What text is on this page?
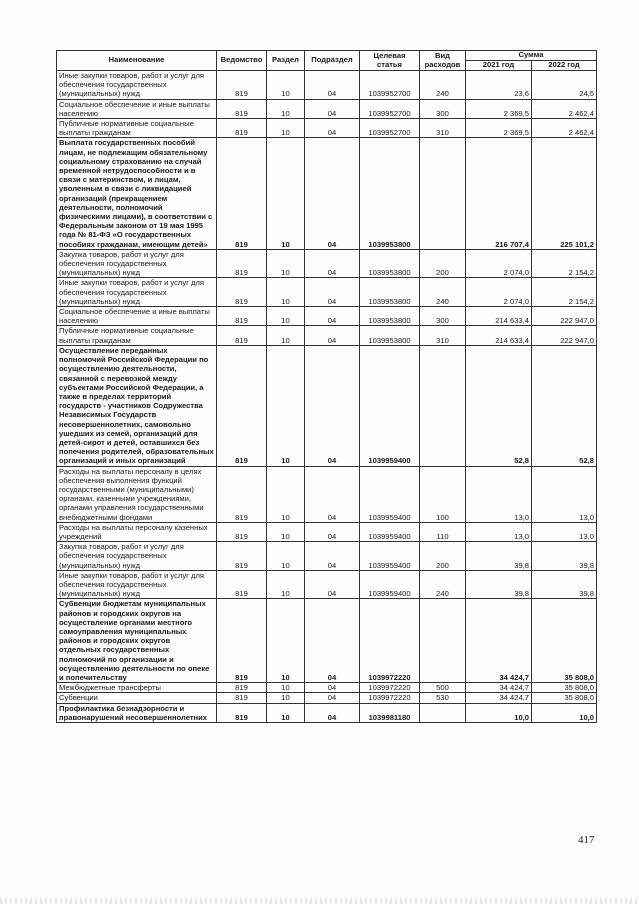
Наименование	Ведомство	Раздел	Подраздел	Целевая статья	Вид расходов	Сумма	
						2021 год	2022 год
Иные закупки товаров, работ и услуг для обеспечения государственных (муниципальных) нужд	819	10	04	1039952700	240	23,6	24,5
Социальное обеспечение и иные выплаты населению	819	10	04	1039952700	300	2 369,5	2 462,4
Публичные нормативные социальные выплаты гражданам	819	10	04	1039952700	310	2 369,5	2 462,4
Выплата государственных пособий лицам, не подлежащим обязательному социальному страхованию на случай временной нетрудоспособности и в связи с материнством, и лицам, уволенным в связи с ликвидацией организаций (прекращением деятельности, полномочий физическими лицами), в соответствии с Федеральным законом от 19 мая 1995 года № 81-ФЗ «О государственных пособиях гражданам, имеющим детей»	819	10	04	1039953800		216 707,4	225 101,2
Закупка товаров, работ и услуг для обеспечения государственных (муниципальных) нужд	819	10	04	1039953800	200	2 074,0	2 154,2
Иные закупки товаров, работ и услуг для обеспечения государственных (муниципальных) нужд	819	10	04	1039953800	240	2 074,0	2 154,2
Социальное обеспечение и иные выплаты населению	819	10	04	1039953800	300	214 633,4	222 947,0
Публичные нормативные социальные выплаты гражданам	819	10	04	1039953800	310	214 633,4	222 947,0
Осуществление переданных полномочий Российской Федерации по осуществлению деятельности, связанной с перевозкой между субъектами Российской Федерации, а также в пределах территорий государств - участников Содружества Независимых Государств несовершеннолетних, самовольно ушедших из семей, организаций для детей-сирот и детей, оставшихся без попечения родителей, образовательных организаций и иных организаций	819	10	04	1039959400		52,8	52,8
Расходы на выплаты персоналу в целях обеспечения выполнения функций государственными (муниципальными) органами, казенными учреждениями, органами управления государственными внебюджетными фондами	819	10	04	1039959400	100	13,0	13,0
Расходы на выплаты персоналу казенных учреждений	819	10	04	1039959400	110	13,0	13,0
Закупка товаров, работ и услуг для обеспечения государственных (муниципальных) нужд	819	10	04	1039959400	200	39,8	39,8
Иные закупки товаров, работ и услуг для обеспечения государственных (муниципальных) нужд	819	10	04	1039959400	240	39,8	39,8
Субвенции бюджетам муниципальных районов и городских округов на осуществление органами местного самоуправления муниципальных районов и городских округов отдельных государственных полномочий по организации и осуществлению деятельности по опеке и попечительству	819	10	04	1039972220		34 424,7	35 808,0
Межбюджетные трансферты	819	10	04	1039972220	500	34 424,7	35 808,0
Субвенции	819	10	04	1039972220	530	34 424,7	35 808,0
Профилактика безнадзорности и правонарушений несовершеннолетних	819	10	04	1039981180		10,0	10,0
417
